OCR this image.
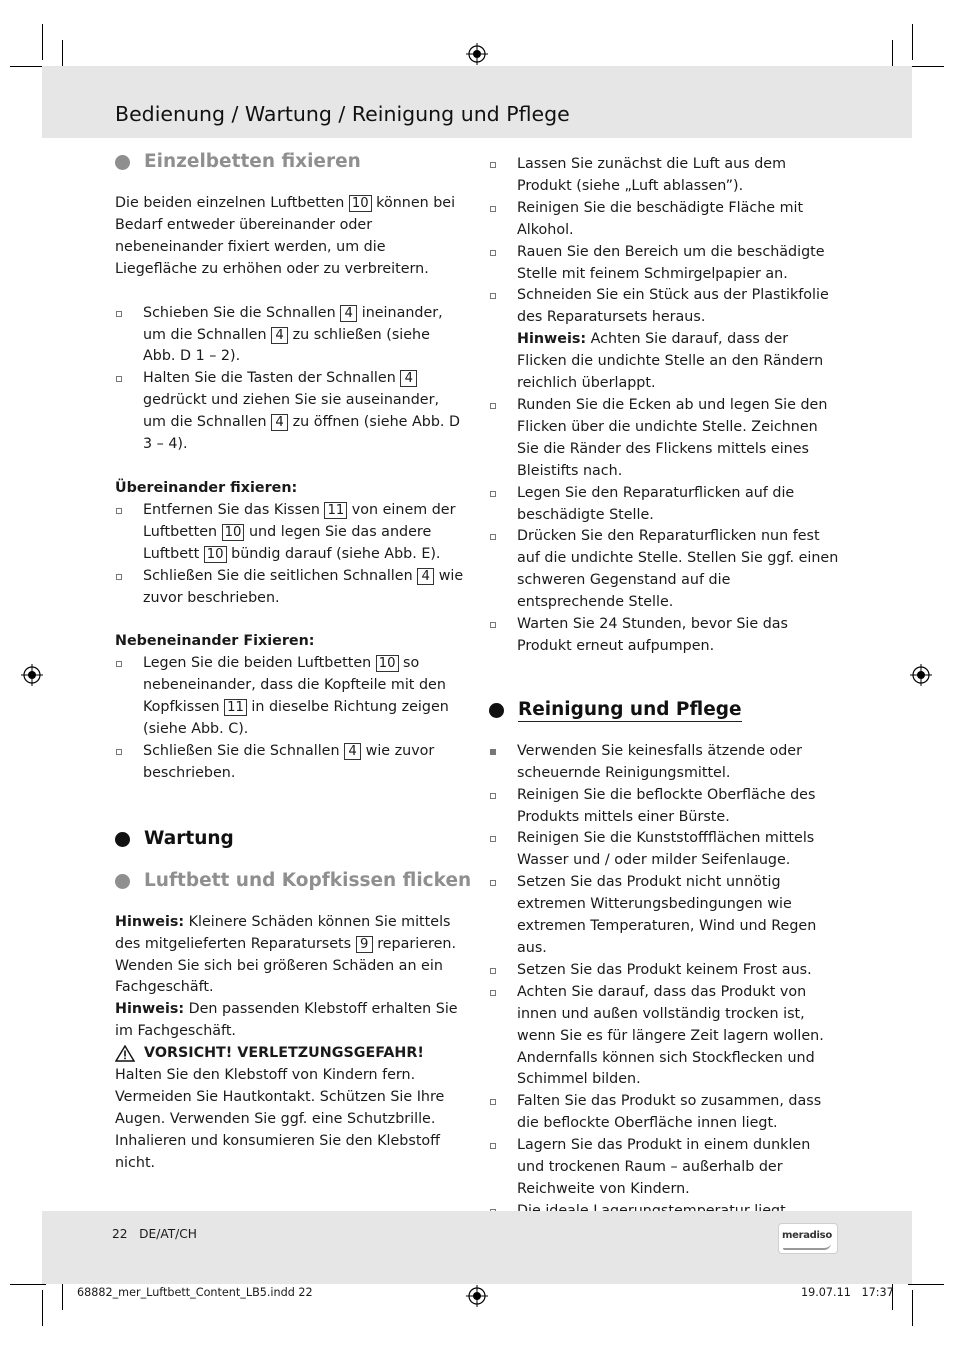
Bedienung / Wartung / Reinigung und Pflege
Einzelbetten fixieren

Die beiden einzelnen Luftbetten 10 können bei Bedarf entweder übereinander oder nebeneinander fixiert werden, um die Liegefläche zu erhöhen oder zu verbreitern.

Schieben Sie die Schnallen 4 ineinander, um die Schnallen 4 zu schließen (siehe Abb. D 1 – 2).
Halten Sie die Tasten der Schnallen 4 gedrückt und ziehen Sie sie auseinander, um die Schnallen 4 zu öffnen (siehe Abb. D 3 – 4).

Übereinander fixieren:

Entfernen Sie das Kissen 11 von einem der Luftbetten 10 und legen Sie das andere Luftbett 10 bündig darauf (siehe Abb. E).
Schließen Sie die seitlichen Schnallen 4 wie zuvor beschrieben.

Nebeneinander Fixieren:

Legen Sie die beiden Luftbetten 10 so nebeneinander, dass die Kopfteile mit den Kopfkissen 11 in dieselbe Richtung zeigen (siehe Abb. C).
Schließen Sie die Schnallen 4 wie zuvor beschrieben.
Wartung
Luftbett und Kopfkissen flicken

Hinweis: Kleinere Schäden können Sie mittels des mitgelieferten Reparatursets 9 reparieren. Wenden Sie sich bei größeren Schäden an ein Fachgeschäft.

Hinweis: Den passenden Klebstoff erhalten Sie im Fachgeschäft.

VORSICHT! VERLETZUNGSGEFAHR!

Halten Sie den Klebstoff von Kindern fern. Vermeiden Sie Hautkontakt. Schützen Sie Ihre Augen. Verwenden Sie ggf. eine Schutzbrille. Inhalieren und konsumieren Sie den Klebstoff nicht.

Lassen Sie zunächst die Luft aus dem Produkt (siehe „Luft ablassen”).
Reinigen Sie die beschädigte Fläche mit Alkohol.
Rauen Sie den Bereich um die beschädigte Stelle mit feinem Schmirgelpapier an.
Schneiden Sie ein Stück aus der Plastikfolie des Reparatursets heraus.
Hinweis: Achten Sie darauf, dass der Flicken die undichte Stelle an den Rändern reichlich überlappt.
Runden Sie die Ecken ab und legen Sie den Flicken über die undichte Stelle. Zeichnen Sie die Ränder des Flickens mittels eines Bleistifts nach.
Legen Sie den Reparaturflicken auf die beschädigte Stelle.
Drücken Sie den Reparaturflicken nun fest auf die undichte Stelle. Stellen Sie ggf. einen schweren Gegenstand auf die entsprechende Stelle.
Warten Sie 24 Stunden, bevor Sie das Produkt erneut aufpumpen.
Reinigung und Pflege
Verwenden Sie keinesfalls ätzende oder scheuernde Reinigungsmittel.
Reinigen Sie die beflockte Oberfläche des Produkts mittels einer Bürste.
Reinigen Sie die Kunststoffflächen mittels Wasser und / oder milder Seifenlauge.
Setzen Sie das Produkt nicht unnötig extremen Witterungsbedingungen wie extremen Temperaturen, Wind und Regen aus.
Setzen Sie das Produkt keinem Frost aus.
Achten Sie darauf, dass das Produkt von innen und außen vollständig trocken ist, wenn Sie es für längere Zeit lagern wollen. Andernfalls können sich Stockflecken und Schimmel bilden.
Falten Sie das Produkt so zusammen, dass die beflockte Oberfläche innen liegt.
Lagern Sie das Produkt in einem dunklen und trockenen Raum – außerhalb der Reichweite von Kindern.
22 DE/AT/CH	meradiso
68882_mer_Luftbett_Content_LB5.indd 22	19.07.11 17:37
